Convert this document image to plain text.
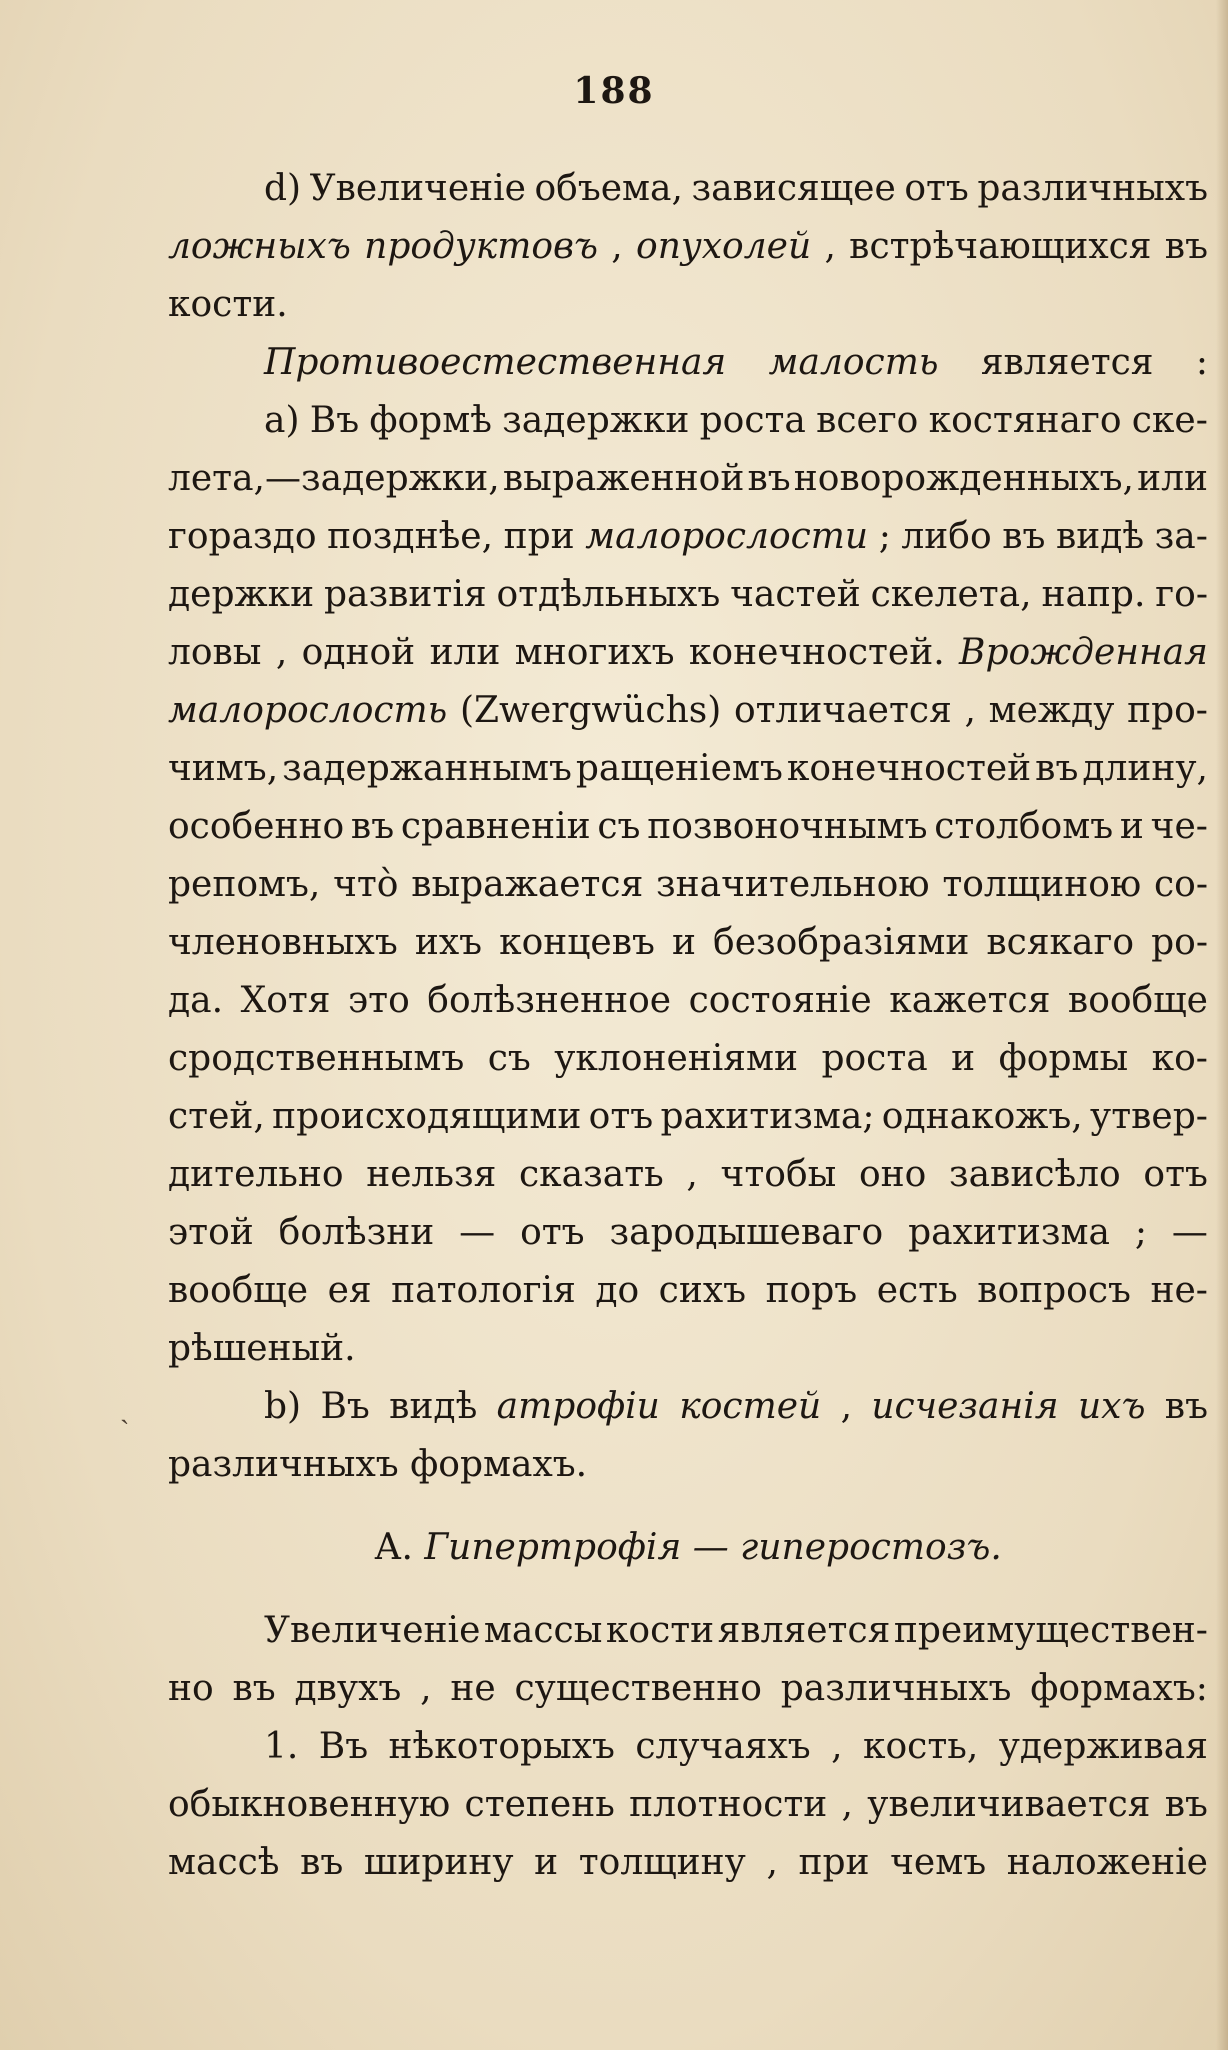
188
ˏ
d) Увеличеніе объема, зависящее отъ различныхъ
ложныхъ продуктовъ , опухолей , встрѣчающихся въ
кости.
Противоестественная малость является :
а) Въ формѣ задержки роста всего костянаго ске-
лета,—задержки, выраженной въ новорожденныхъ, или
гораздо позднѣе, при малорослости ; либо въ видѣ за-
держки развитія отдѣльныхъ частей скелета, напр. го-
ловы , одной или многихъ конечностей. Врожденная
малорослость (Zwergwüchs) отличается , между про-
чимъ, задержаннымъ ращеніемъ конечностей въ длину,
особенно въ сравненіи съ позвоночнымъ столбомъ и че-
репомъ, что̀ выражается значительною толщиною со-
членовныхъ ихъ концевъ и безобразіями всякаго ро-
да. Хотя это болѣзненное состояніе кажется вообще
сродственнымъ съ уклоненіями роста и формы ко-
стей, происходящими отъ рахитизма; однакожъ, утвер-
дительно нельзя сказать , чтобы оно зависѣло отъ
этой болѣзни — отъ зародышеваго рахитизма ; —
вообще ея патологія до сихъ поръ есть вопросъ не-
рѣшеный.
b) Въ видѣ атрофіи костей , исчезанія ихъ въ
различныхъ формахъ.
А. Гипертрофія — гиперостозъ.
Увеличеніе массы кости является преимуществен-
но въ двухъ , не существенно различныхъ формахъ:
1. Въ нѣкоторыхъ случаяхъ , кость, удерживая
обыкновенную степень плотности , увеличивается въ
массѣ въ ширину и толщину , при чемъ наложеніе
